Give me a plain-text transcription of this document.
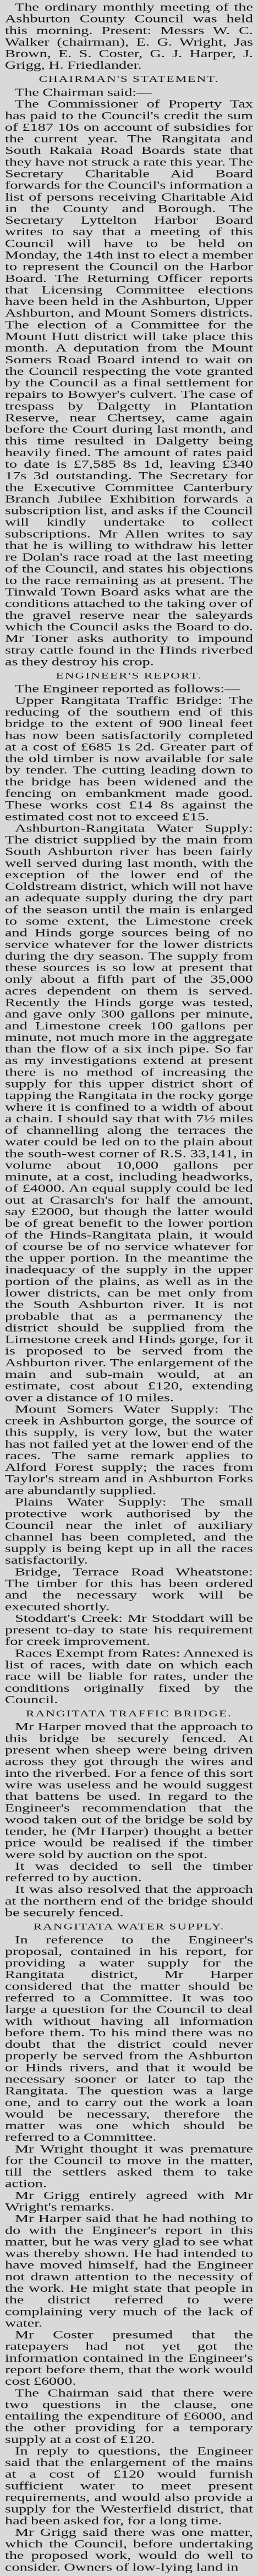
The ordinary monthly meeting of the Ashburton County Council was held this morning. Present: Messrs W. C. Walker (chairman), E. G. Wright, Jas Brown, E. S. Coster, G. J. Harper, J. Grigg, H. Friedlander.

CHAIRMAN'S STATEMENT.

The Chairman said:—

The Commissioner of Property Tax has paid to the Council's credit the sum of £187 10s on account of subsidies for the current year. The Rangitata and South Rakaia Road Boards state that they have not struck a rate this year. The Secretary Charitable Aid Board forwards for the Council's information a list of persons receiving Charitable Aid in the County and Borough. The Secretary Lyttelton Harbor Board writes to say that a meeting of this Council will have to be held on Monday, the 14th inst to elect a member to represent the Council on the Harbor Board. The Returning Officer reports that Licensing Committee elections have been held in the Ashburton, Upper Ashburton, and Mount Somers districts. The election of a Committee for the Mount Hutt district will take place this month. A deputation from the Mount Somers Road Board intend to wait on the Council respecting the vote granted by the Council as a final settlement for repairs to Bowyer's culvert. The case of trespass by Dalgetty in Plantation Reserve, near Chertsey, came again before the Court during last month, and this time resulted in Dalgetty being heavily fined. The amount of rates paid to date is £7,585 8s 1d, leaving £340 17s 3d outstanding. The Secretary for the Executive Committee Canterbury Branch Jubilee Exhibition forwards a subscription list, and asks if the Council will kindly undertake to collect subscriptions. Mr Allen writes to say that he is willing to withdraw his letter re Dolan's race road at the last meeting of the Council, and states his objections to the race remaining as at present. The Tinwald Town Board asks what are the conditions attached to the taking over of the gravel reserve near the saleyards which the Council asks the Board to do. Mr Toner asks authority to impound stray cattle found in the Hinds riverbed as they destroy his crop.

ENGINEER'S REPORT.

The Engineer reported as follows:—

Upper Rangitata Traffic Bridge: The reducing of the southern end of this bridge to the extent of 900 lineal feet has now been satisfactorily completed at a cost of £685 1s 2d. Greater part of the old timber is now available for sale by tender. The cutting leading down to the bridge has been widened and the fencing on embankment made good. These works cost £14 8s against the estimated cost not to exceed £15.

Ashburton-Rangitata Water Supply: The district supplied by the main from South Ashburton river has been fairly well served during last month, with the exception of the lower end of the Coldstream district, which will not have an adequate supply during the dry part of the season until the main is enlarged to some extent, the Limestone creek and Hinds gorge sources being of no service whatever for the lower districts during the dry season. The supply from these sources is so low at present that only about a fifth part of the 35,000 acres dependent on them is served. Recently the Hinds gorge was tested, and gave only 300 gallons per minute, and Limestone creek 100 gallons per minute, not much more in the aggregate than the flow of a six inch pipe. So far as my investigations extend at present there is no method of increasing the supply for this upper district short of tapping the Rangitata in the rocky gorge where it is confined to a width of about a chain. I should say that with 7½ miles of channelling along the terraces the water could be led on to the plain about the south-west corner of R.S. 33,141, in volume about 10,000 gallons per minute, at a cost, including headworks, of £4000. An equal supply could be led out at Crasarch's for half the amount, say £2000, but though the latter would be of great benefit to the lower portion of the Hinds-Rangitata plain, it would of course be of no service whatever for the upper portion. In the meantime the inadequacy of the supply in the upper portion of the plains, as well as in the lower districts, can be met only from the South Ashburton river. It is not probable that as a permanency the district should be supplied from the Limestone creek and Hinds gorge, for it is proposed to be served from the Ashburton river. The enlargement of the main and sub-main would, at an estimate, cost about £120, extending over a distance of 10 miles.

Mount Somers Water Supply: The creek in Ashburton gorge, the source of this supply, is very low, but the water has not failed yet at the lower end of the races. The same remark applies to Alford Forest supply; the races from Taylor's stream and in Ashburton Forks are abundantly supplied.

Plains Water Supply: The small protective work authorised by the Council near the inlet of auxiliary channel has been completed, and the supply is being kept up in all the races satisfactorily.

Bridge, Terrace Road Wheatstone: The timber for this has been ordered and the necessary work will be executed shortly.

Stoddart's Creek: Mr Stoddart will be present to-day to state his requirement for creek improvement.

Races Exempt from Rates: Annexed is list of races, with date on which each race will be liable for rates, under the conditions originally fixed by the Council.

RANGITATA TRAFFIC BRIDGE.

Mr Harper moved that the approach to this bridge be securely fenced. At present when sheep were being driven across they got through the wires and into the riverbed. For a fence of this sort wire was useless and he would suggest that battens be used. In regard to the Engineer's recommendation that the wood taken out of the bridge be sold by tender, he (Mr Harper) thought a better price would be realised if the timber were sold by auction on the spot.

It was decided to sell the timber referred to by auction.

It was also resolved that the approach at the northern end of the bridge should be securely fenced.

RANGITATA WATER SUPPLY.

In reference to the Engineer's proposal, contained in his report, for providing a water supply for the Rangitata district, Mr Harper considered that the matter should be referred to a Committee. It was too large a question for the Council to deal with without having all information before them. To his mind there was no doubt that the district could never properly be served from the Ashburton or Hinds rivers, and that it would be necessary sooner or later to tap the Rangitata. The question was a large one, and to carry out the work a loan would be necessary, therefore the matter was one which should be referred to a Committee.

Mr Wright thought it was premature for the Council to move in the matter, till the settlers asked them to take action.

Mr Grigg entirely agreed with Mr Wright's remarks.

Mr Harper said that he had nothing to do with the Engineer's report in this matter, but he was very glad to see what was thereby shown. He had intended to have moved himself, had the Engineer not drawn attention to the necessity of the work. He might state that people in the district referred to were complaining very much of the lack of water.

Mr Coster presumed that the ratepayers had not yet got the information contained in the Engineer's report before them, that the work would cost £6000.

The Chairman said that there were two questions in the clause, one entailing the expenditure of £6000, and the other providing for a temporary supply at a cost of £120.

In reply to questions, the Engineer said that the enlargement of the mains at a cost of £120 would furnish sufficient water to meet present requirements, and would also provide a supply for the Westerfield district, that had been asked for, for a long time.

Mr Grigg said there was one matter, which the Council, before undertaking the proposed work, would do well to consider. Owners of low-lying land in
